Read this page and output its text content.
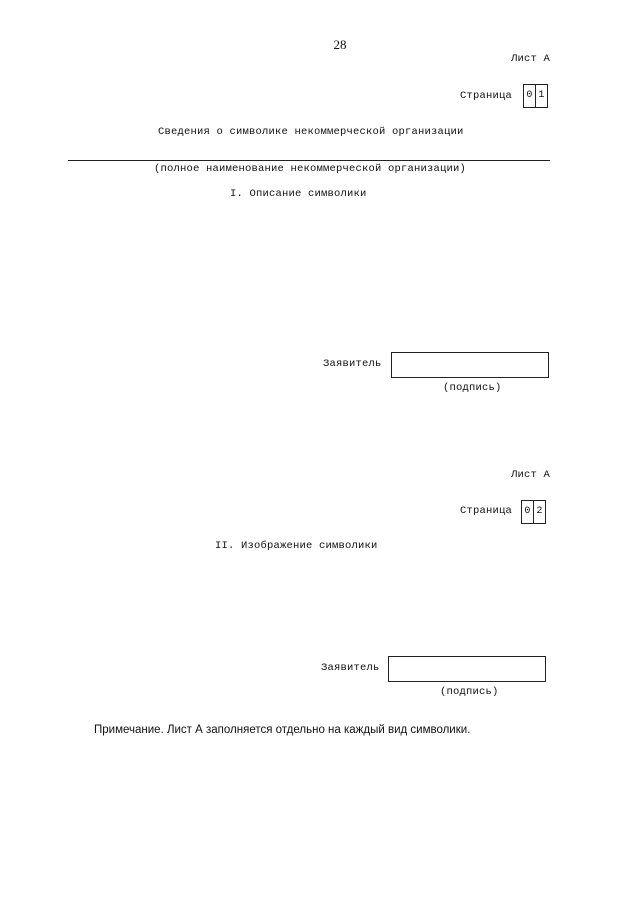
28
Лист А
Страница 0 1
Сведения о символике некоммерческой организации
(полное наименование некоммерческой организации)
I. Описание символики
Заявитель
(подпись)
Лист А
Страница 0 2
II. Изображение символики
Заявитель
(подпись)
Примечание. Лист А заполняется отдельно на каждый вид символики.
